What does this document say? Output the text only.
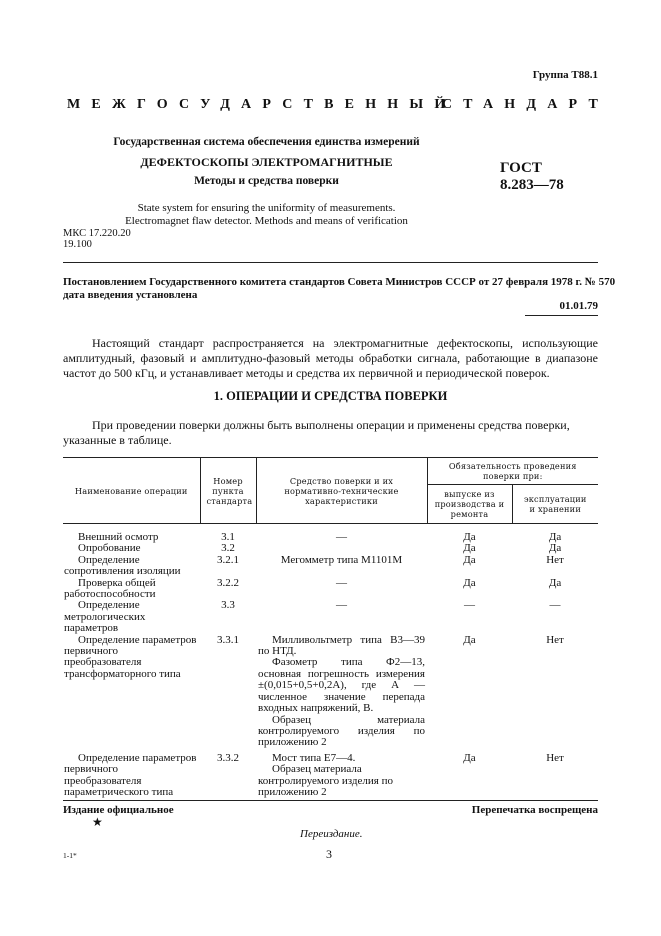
Группа Т88.1
МЕЖГОСУДАРСТВЕННЫЙ
СТАНДАРТ
Государственная система обеспечения единства измерений
ДЕФЕКТОСКОПЫ ЭЛЕКТРОМАГНИТНЫЕ
Методы и средства поверки
ГОСТ
8.283—78
State system for ensuring the uniformity of measurements.
Electromagnet flaw detector. Methods and means of verification
МКС 17.220.20
19.100
Постановлением Государственного комитета стандартов Совета Министров СССР от 27 февраля 1978 г. № 570
дата введения установлена
01.01.79
Настоящий стандарт распространяется на электромагнитные дефектоскопы, использующие амплитудный, фазовый и амплитудно-фазовый методы обработки сигнала, работающие в диапазоне частот до 500 кГц, и устанавливает методы и средства их первичной и периодической поверок.
1. ОПЕРАЦИИ И СРЕДСТВА ПОВЕРКИ
При проведении поверки должны быть выполнены операции и применены средства поверки, указанные в таблице.
Наименование операции	Номер пункта стандарта	Средство поверки и их нормативно-технические характеристики	Обязательность проведения поверки при:	
			выпуске из производства и ремонта	эксплуатации и хранении
Внешний осмотр	3.1	—	Да	Да
Опробование	3.2		Да	Да
Определение сопротивления изоляции	3.2.1	Мегомметр типа М1101М	Да	Нет
Проверка общей работоспособности	3.2.2	—	Да	Да
Определение метрологических параметров	3.3	—	—	—
Определение параметров первичного преобразователя трансформаторного типа	3.3.1	Милливольтметр типа В3—39 по НТД.
Фазометр типа Ф2—13, основная погрешность измерения ±(0,015+0,5+0,2А), где А — численное значение перепада входных напряжений, В.
Образец материала контролируемого изделия по приложению 2	Да	Нет
Определение параметров первичного преобразователя параметрического типа	3.3.2	Мост типа Е7—4.
Образец материала контролируемого изделия по приложению 2	Да	Нет
Издание официальное	Перепечатка воспрещена
★
Переиздание.
1-1*	3
